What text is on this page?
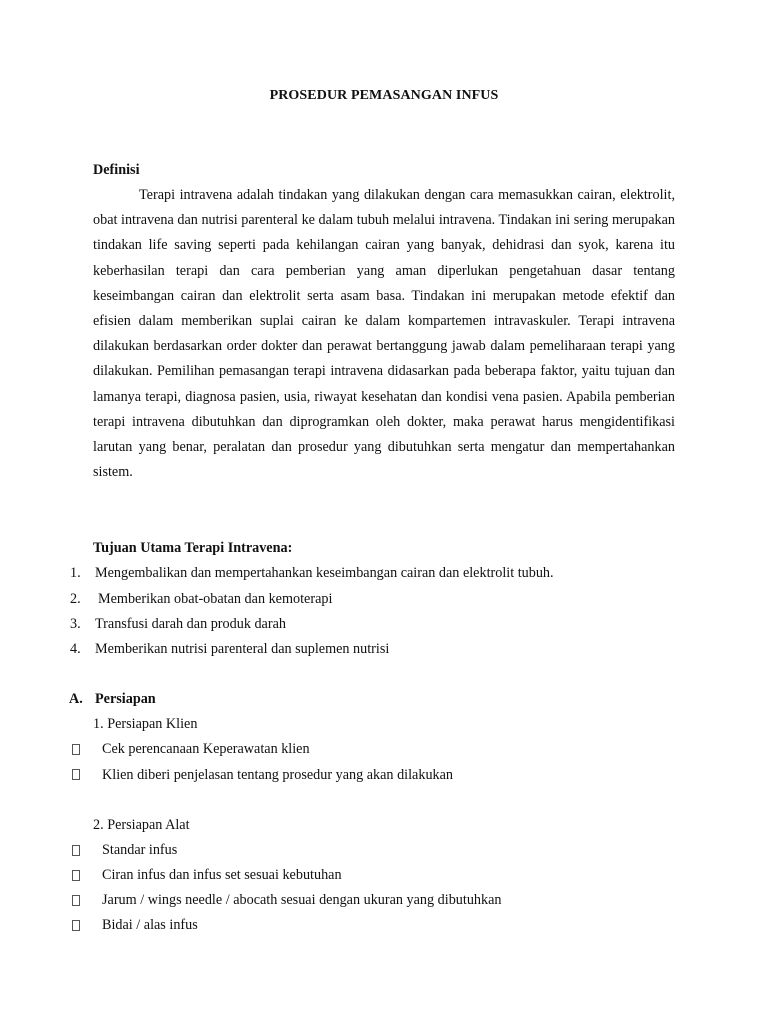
PROSEDUR PEMASANGAN INFUS
Definisi
Terapi intravena adalah tindakan yang dilakukan dengan cara memasukkan cairan, elektrolit, obat intravena dan nutrisi parenteral ke dalam tubuh melalui intravena. Tindakan ini sering merupakan tindakan life saving seperti pada kehilangan cairan yang banyak, dehidrasi dan syok, karena itu keberhasilan terapi dan cara pemberian yang aman diperlukan pengetahuan dasar tentang keseimbangan cairan dan elektrolit serta asam basa. Tindakan ini merupakan metode efektif dan efisien dalam memberikan suplai cairan ke dalam kompartemen intravaskuler. Terapi intravena dilakukan berdasarkan order dokter dan perawat bertanggung jawab dalam pemeliharaan terapi yang dilakukan. Pemilihan pemasangan terapi intravena didasarkan pada beberapa faktor, yaitu tujuan dan lamanya terapi, diagnosa pasien, usia, riwayat kesehatan dan kondisi vena pasien. Apabila pemberian terapi intravena dibutuhkan dan diprogramkan oleh dokter, maka perawat harus mengidentifikasi larutan yang benar, peralatan dan prosedur yang dibutuhkan serta mengatur dan mempertahankan sistem.
Tujuan Utama Terapi Intravena:
1. Mengembalikan dan mempertahankan keseimbangan cairan dan elektrolit tubuh.
2. Memberikan obat-obatan dan kemoterapi
3. Transfusi darah dan produk darah
4. Memberikan nutrisi parenteral dan suplemen nutrisi
A. Persiapan
1. Persiapan Klien
Cek perencanaan Keperawatan klien
Klien diberi penjelasan tentang prosedur yang akan dilakukan
2. Persiapan Alat
Standar infus
Ciran infus dan infus set sesuai kebutuhan
Jarum / wings needle / abocath sesuai dengan ukuran yang dibutuhkan
Bidai / alas infus
